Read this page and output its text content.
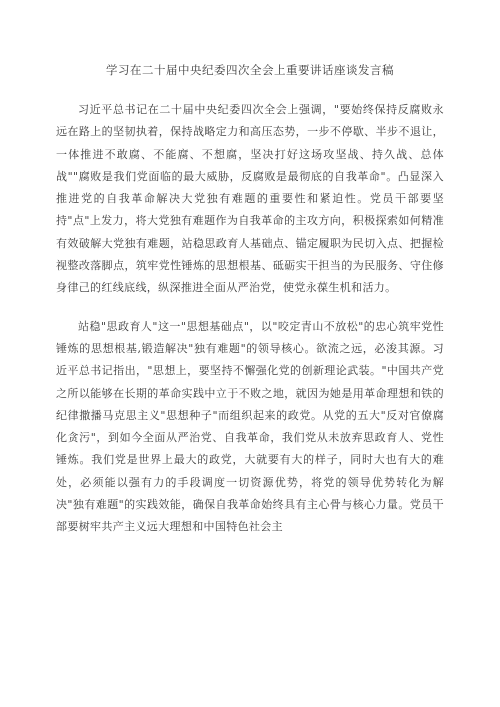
学习在二十届中央纪委四次全会上重要讲话座谈发言稿

习近平总书记在二十届中央纪委四次全会上强调，"要始终保持反腐败永远在路上的坚韧执着，保持战略定力和高压态势，一步不停歇、半步不退让，一体推进不敢腐、不能腐、不想腐，坚决打好这场攻坚战、持久战、总体战""腐败是我们党面临的最大威胁，反腐败是最彻底的自我革命"。凸显深入推进党的自我革命解决大党独有难题的重要性和紧迫性。党员干部要坚持"点"上发力，将大党独有难题作为自我革命的主攻方向，积极探索如何精准有效破解大党独有难题，站稳思政育人基础点、锚定履职为民切入点、把握检视整改落脚点，筑牢党性锤炼的思想根基、砥砺实干担当的为民服务、守住修身律己的红线底线，纵深推进全面从严治党，使党永葆生机和活力。

站稳"思政育人"这一"思想基础点"，以"咬定青山不放松"的忠心筑牢党性锤炼的思想根基,锻造解决"独有难题"的领导核心。欲流之远，必浚其源。习近平总书记指出，"思想上，要坚持不懈强化党的创新理论武装。"中国共产党之所以能够在长期的革命实践中立于不败之地，就因为她是用革命理想和铁的纪律撒播马克思主义"思想种子"而组织起来的政党。从党的五大"反对官僚腐化贪污"，到如今全面从严治党、自我革命，我们党从未放弃思政育人、党性锤炼。我们党是世界上最大的政党，大就要有大的样子，同时大也有大的难处，必须能以强有力的手段调度一切资源优势，将党的领导优势转化为解决"独有难题"的实践效能，确保自我革命始终具有主心骨与核心力量。党员干部要树牢共产主义远大理想和中国特色社会主
